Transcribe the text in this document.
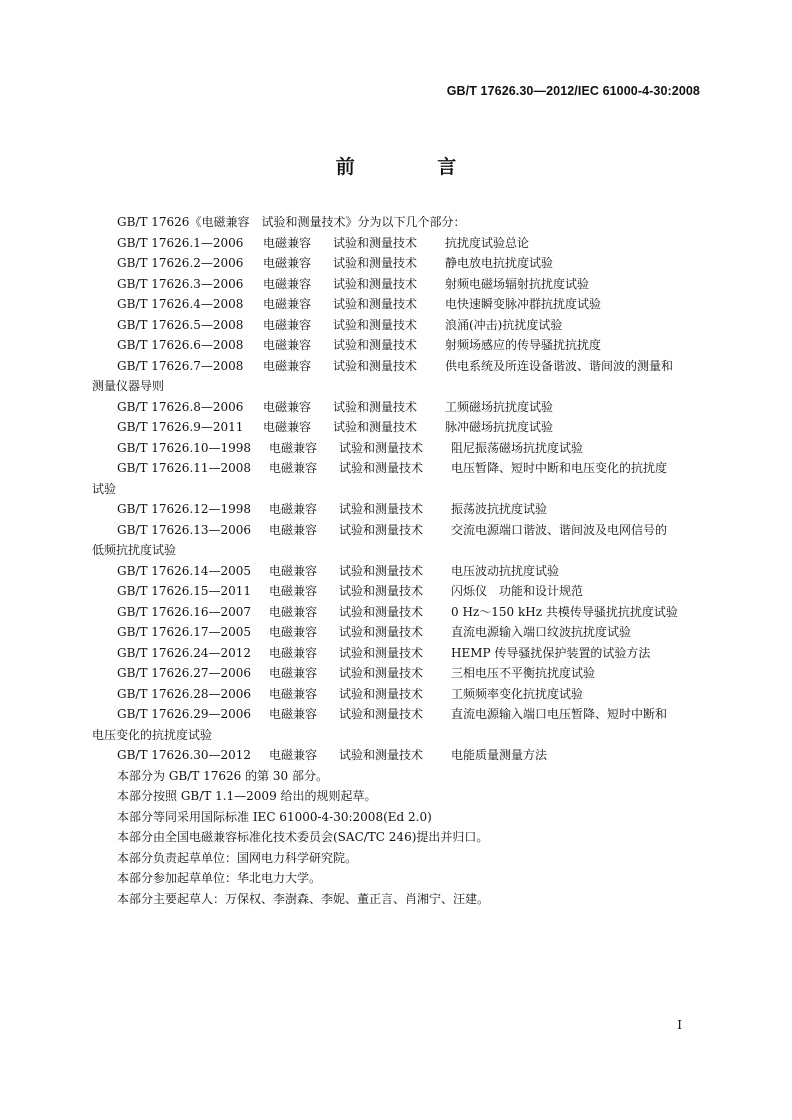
GB/T 17626.30—2012/IEC 61000-4-30:2008
前 言
GB/T 17626《电磁兼容　试验和测量技术》分为以下几个部分：
GB/T 17626.1—2006	电磁兼容	试验和测量技术	抗扰度试验总论
GB/T 17626.2—2006	电磁兼容	试验和测量技术	静电放电抗扰度试验
GB/T 17626.3—2006	电磁兼容	试验和测量技术	射频电磁场辐射抗扰度试验
GB/T 17626.4—2008	电磁兼容	试验和测量技术	电快速瞬变脉冲群抗扰度试验
GB/T 17626.5—2008	电磁兼容	试验和测量技术	浪涌(冲击)抗扰度试验
GB/T 17626.6—2008	电磁兼容	试验和测量技术	射频场感应的传导骚扰抗扰度
GB/T 17626.7—2008	电磁兼容	试验和测量技术	供电系统及所连设备谐波、谐间波的测量和
测量仪器导则
GB/T 17626.8—2006	电磁兼容	试验和测量技术	工频磁场抗扰度试验
GB/T 17626.9—2011	电磁兼容	试验和测量技术	脉冲磁场抗扰度试验
GB/T 17626.10—1998	电磁兼容	试验和测量技术	阻尼振荡磁场抗扰度试验
GB/T 17626.11—2008	电磁兼容	试验和测量技术	电压暂降、短时中断和电压变化的抗扰度
试验
GB/T 17626.12—1998	电磁兼容	试验和测量技术	振荡波抗扰度试验
GB/T 17626.13—2006	电磁兼容	试验和测量技术	交流电源端口谐波、谐间波及电网信号的
低频抗扰度试验
GB/T 17626.14—2005	电磁兼容	试验和测量技术	电压波动抗扰度试验
GB/T 17626.15—2011	电磁兼容	试验和测量技术	闪烁仪　功能和设计规范
GB/T 17626.16—2007	电磁兼容	试验和测量技术	0 Hz～150 kHz 共模传导骚扰抗扰度试验
GB/T 17626.17—2005	电磁兼容	试验和测量技术	直流电源输入端口纹波抗扰度试验
GB/T 17626.24—2012	电磁兼容	试验和测量技术	HEMP 传导骚扰保护装置的试验方法
GB/T 17626.27—2006	电磁兼容	试验和测量技术	三相电压不平衡抗扰度试验
GB/T 17626.28—2006	电磁兼容	试验和测量技术	工频频率变化抗扰度试验
GB/T 17626.29—2006	电磁兼容	试验和测量技术	直流电源输入端口电压暂降、短时中断和
电压变化的抗扰度试验
GB/T 17626.30—2012	电磁兼容	试验和测量技术	电能质量测量方法
本部分为 GB/T 17626 的第 30 部分。
本部分按照 GB/T 1.1—2009 给出的规则起草。
本部分等同采用国际标准 IEC 61000-4-30:2008(Ed 2.0)
本部分由全国电磁兼容标准化技术委员会(SAC/TC 246)提出并归口。
本部分负责起草单位：国网电力科学研究院。
本部分参加起草单位：华北电力大学。
本部分主要起草人：万保权、李澍森、李妮、董正言、肖湘宁、汪建。
I
